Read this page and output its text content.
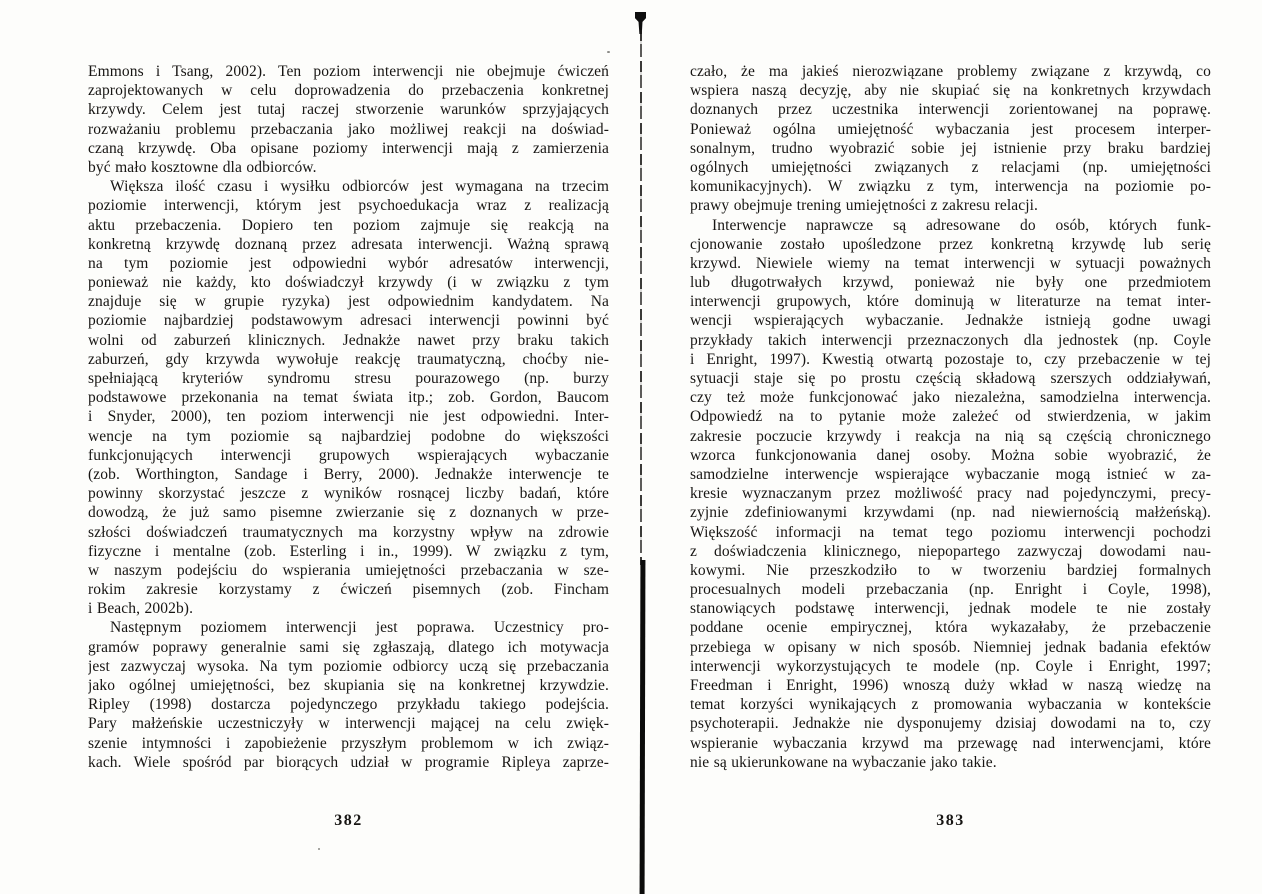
Emmons i Tsang, 2002). Ten poziom interwencji nie obejmuje ćwiczeń
zaprojektowanych w celu doprowadzenia do przebaczenia konkretnej
krzywdy. Celem jest tutaj raczej stworzenie warunków sprzyjających
rozważaniu problemu przebaczania jako możliwej reakcji na doświad-
czaną krzywdę. Oba opisane poziomy interwencji mają z zamierzenia
być mało kosztowne dla odbiorców.
Większa ilość czasu i wysiłku odbiorców jest wymagana na trzecim
poziomie interwencji, którym jest psychoedukacja wraz z realizacją
aktu przebaczenia. Dopiero ten poziom zajmuje się reakcją na
konkretną krzywdę doznaną przez adresata interwencji. Ważną sprawą
na tym poziomie jest odpowiedni wybór adresatów interwencji,
ponieważ nie każdy, kto doświadczył krzywdy (i w związku z tym
znajduje się w grupie ryzyka) jest odpowiednim kandydatem. Na
poziomie najbardziej podstawowym adresaci interwencji powinni być
wolni od zaburzeń klinicznych. Jednakże nawet przy braku takich
zaburzeń, gdy krzywda wywołuje reakcję traumatyczną, choćby nie-
spełniającą kryteriów syndromu stresu pourazowego (np. burzy
podstawowe przekonania na temat świata itp.; zob. Gordon, Baucom
i Snyder, 2000), ten poziom interwencji nie jest odpowiedni. Inter-
wencje na tym poziomie są najbardziej podobne do większości
funkcjonujących interwencji grupowych wspierających wybaczanie
(zob. Worthington, Sandage i Berry, 2000). Jednakże interwencje te
powinny skorzystać jeszcze z wyników rosnącej liczby badań, które
dowodzą, że już samo pisemne zwierzanie się z doznanych w prze-
szłości doświadczeń traumatycznych ma korzystny wpływ na zdrowie
fizyczne i mentalne (zob. Esterling i in., 1999). W związku z tym,
w naszym podejściu do wspierania umiejętności przebaczania w sze-
rokim zakresie korzystamy z ćwiczeń pisemnych (zob. Fincham
i Beach, 2002b).
Następnym poziomem interwencji jest poprawa. Uczestnicy pro-
gramów poprawy generalnie sami się zgłaszają, dlatego ich motywacja
jest zazwyczaj wysoka. Na tym poziomie odbiorcy uczą się przebaczania
jako ogólnej umiejętności, bez skupiania się na konkretnej krzywdzie.
Ripley (1998) dostarcza pojedynczego przykładu takiego podejścia.
Pary małżeńskie uczestniczyły w interwencji mającej na celu zwięk-
szenie intymności i zapobieżenie przyszłym problemom w ich związ-
kach. Wiele spośród par biorących udział w programie Ripleya zaprze-
382
czało, że ma jakieś nierozwiązane problemy związane z krzywdą, co
wspiera naszą decyzję, aby nie skupiać się na konkretnych krzywdach
doznanych przez uczestnika interwencji zorientowanej na poprawę.
Ponieważ ogólna umiejętność wybaczania jest procesem interper-
sonalnym, trudno wyobrazić sobie jej istnienie przy braku bardziej
ogólnych umiejętności związanych z relacjami (np. umiejętności
komunikacyjnych). W związku z tym, interwencja na poziomie po-
prawy obejmuje trening umiejętności z zakresu relacji.
Interwencje naprawcze są adresowane do osób, których funk-
cjonowanie zostało upośledzone przez konkretną krzywdę lub serię
krzywd. Niewiele wiemy na temat interwencji w sytuacji poważnych
lub długotrwałych krzywd, ponieważ nie były one przedmiotem
interwencji grupowych, które dominują w literaturze na temat inter-
wencji wspierających wybaczanie. Jednakże istnieją godne uwagi
przykłady takich interwencji przeznaczonych dla jednostek (np. Coyle
i Enright, 1997). Kwestią otwartą pozostaje to, czy przebaczenie w tej
sytuacji staje się po prostu częścią składową szerszych oddziaływań,
czy też może funkcjonować jako niezależna, samodzielna interwencja.
Odpowiedź na to pytanie może zależeć od stwierdzenia, w jakim
zakresie poczucie krzywdy i reakcja na nią są częścią chronicznego
wzorca funkcjonowania danej osoby. Można sobie wyobrazić, że
samodzielne interwencje wspierające wybaczanie mogą istnieć w za-
kresie wyznaczanym przez możliwość pracy nad pojedynczymi, precy-
zyjnie zdefiniowanymi krzywdami (np. nad niewiernością małżeńską).
Większość informacji na temat tego poziomu interwencji pochodzi
z doświadczenia klinicznego, niepopartego zazwyczaj dowodami nau-
kowymi. Nie przeszkodziło to w tworzeniu bardziej formalnych
procesualnych modeli przebaczania (np. Enright i Coyle, 1998),
stanowiących podstawę interwencji, jednak modele te nie zostały
poddane ocenie empirycznej, która wykazałaby, że przebaczenie
przebiega w opisany w nich sposób. Niemniej jednak badania efektów
interwencji wykorzystujących te modele (np. Coyle i Enright, 1997;
Freedman i Enright, 1996) wnoszą duży wkład w naszą wiedzę na
temat korzyści wynikających z promowania wybaczania w kontekście
psychoterapii. Jednakże nie dysponujemy dzisiaj dowodami na to, czy
wspieranie wybaczania krzywd ma przewagę nad interwencjami, które
nie są ukierunkowane na wybaczanie jako takie.
383
